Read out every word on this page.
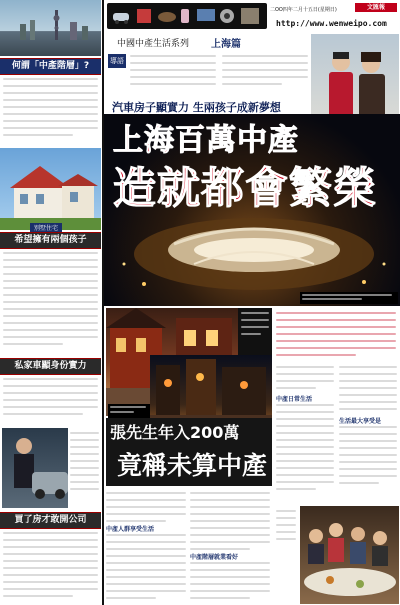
何謂「中產階層」?
別墅住宅
希望擁有兩個孩子
私家車顯身份實力
買了房才敢開公司
二OO四年二月十五日(星期日)	文匯報
http://www.wenweipo.com
中國中產生活系列 上海篇
導語
汽車房子顯實力 生兩孩子成新夢想
上海百萬中產
造就都會繁榮
張先生年入200萬
竟稱未算中產
中產人群享受生活
中產階層就業看好
中產日常生活
生活最大享受是
